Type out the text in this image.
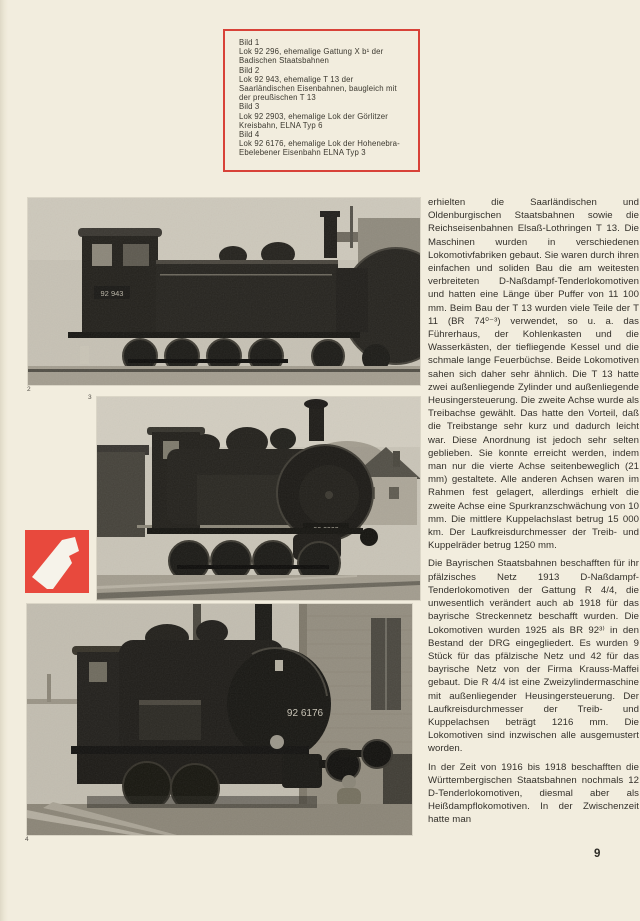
Bild 1
Lok 92 296, ehemalige Gattung X b¹ der Badischen Staatsbahnen
Bild 2
Lok 92 943, ehemalige T 13 der Saarländischen Eisenbahnen, baugleich mit der preußischen T 13
Bild 3
Lok 92 2903, ehemalige Lok der Görlitzer Kreisbahn, ELNA Typ 6
Bild 4
Lok 92 6176, ehemalige Lok der Hohenebra-Ebelebener Eisenbahn ELNA Typ 3
92 943
2
3
92 6176
4

erhielten die Saarländischen und Oldenburgischen Staatsbahnen sowie die Reichseisenbahnen Elsaß-Lothringen T 13. Die Maschinen wurden in verschiedenen Lokomotivfabriken gebaut. Sie waren durch ihren einfachen und soliden Bau die am weitesten verbreiteten D-Naßdampf-Tenderlokomotiven und hatten eine Länge über Puffer von 11 100 mm. Beim Bau der T 13 wurden viele Teile der T 11 (BR 74⁰⁻³) verwendet, so u. a. das Führerhaus, der Kohlenkasten und die Wasserkästen, der tiefliegende Kessel und die schmale lange Feuerbüchse. Beide Lokomotiven sahen sich daher sehr ähnlich. Die T 13 hatte zwei außenliegende Zylinder und außenliegende Heusingersteuerung. Die zweite Achse wurde als Treibachse gewählt. Das hatte den Vorteil, daß die Treibstange sehr kurz und dadurch leicht war. Diese Anordnung ist jedoch sehr selten geblieben. Sie konnte erreicht werden, indem man nur die vierte Achse seitenbeweglich (21 mm) gestaltete. Alle anderen Achsen waren im Rahmen fest gelagert, allerdings erhielt die zweite Achse eine Spurkranzschwächung von 10 mm. Die mittlere Kuppelachslast betrug 15 000 km. Der Laufkreisdurchmesser der Treib- und Kuppelräder betrug 1250 mm.

Die Bayrischen Staatsbahnen beschafften für ihr pfälzisches Netz 1913 D-Naßdampf-Tenderlokomotiven der Gattung R 4/4, die unwesentlich verändert auch ab 1918 für das bayrische Streckennetz beschafft wurden. Die Lokomotiven wurden 1925 als BR 92³⁾ in den Bestand der DRG eingegliedert. Es wurden 9 Stück für das pfälzische Netz und 42 für das bayrische Netz von der Firma Krauss-Maffei gebaut. Die R 4/4 ist eine Zweizylindermaschine mit außenliegender Heusingersteuerung. Der Laufkreisdurchmesser der Treib- und Kuppelachsen beträgt 1216 mm. Die Lokomotiven sind inzwischen alle ausgemustert worden.

In der Zeit von 1916 bis 1918 beschafften die Württembergischen Staatsbahnen nochmals 12 D-Tenderlokomotiven, diesmal aber als Heißdampflokomotiven. In der Zwischenzeit hatte man

9
